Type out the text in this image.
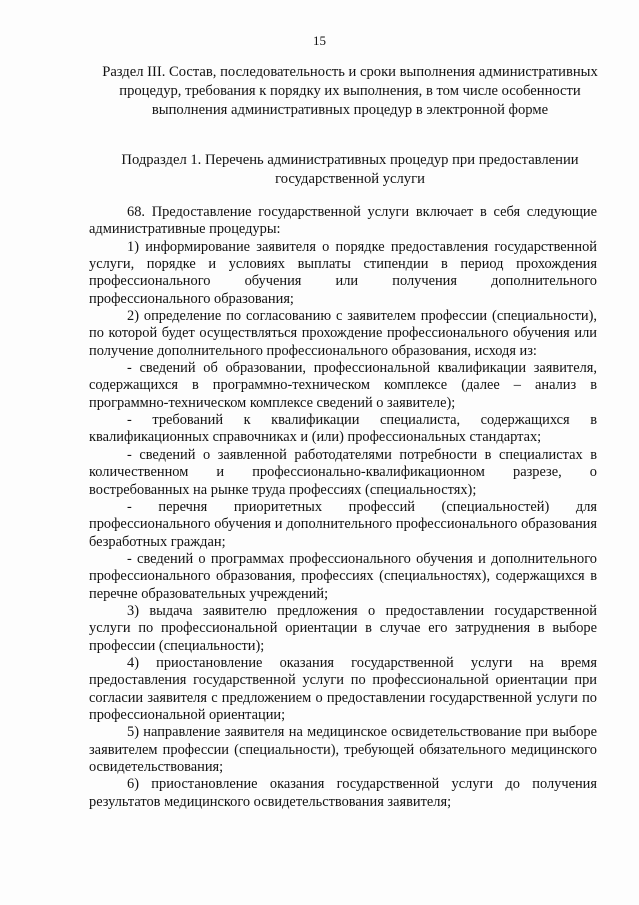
15
Раздел III. Состав, последовательность и сроки выполнения административных процедур, требования к порядку их выполнения, в том числе особенности выполнения административных процедур в электронной форме
Подраздел 1. Перечень административных процедур при предоставлении государственной услуги

68. Предоставление государственной услуги включает в себя следующие административные процедуры:

1) информирование заявителя о порядке предоставления государственной услуги, порядке и условиях выплаты стипендии в период прохождения профессионального обучения или получения дополнительного профессионального образования;

2) определение по согласованию с заявителем профессии (специальности), по которой будет осуществляться прохождение профессионального обучения или получение дополнительного профессионального образования, исходя из:

- сведений об образовании, профессиональной квалификации заявителя, содержащихся в программно-техническом комплексе (далее – анализ в программно-техническом комплексе сведений о заявителе);

- требований к квалификации специалиста, содержащихся в квалификационных справочниках и (или) профессиональных стандартах;

- сведений о заявленной работодателями потребности в специалистах в количественном и профессионально-квалификационном разрезе, о востребованных на рынке труда профессиях (специальностях);

- перечня приоритетных профессий (специальностей) для профессионального обучения и дополнительного профессионального образования безработных граждан;

- сведений о программах профессионального обучения и дополнительного профессионального образования, профессиях (специальностях), содержащихся в перечне образовательных учреждений;

3) выдача заявителю предложения о предоставлении государственной услуги по профессиональной ориентации в случае его затруднения в выборе профессии (специальности);

4) приостановление оказания государственной услуги на время предоставления государственной услуги по профессиональной ориентации при согласии заявителя с предложением о предоставлении государственной услуги по профессиональной ориентации;

5) направление заявителя на медицинское освидетельствование при выборе заявителем профессии (специальности), требующей обязательного медицинского освидетельствования;

6) приостановление оказания государственной услуги до получения результатов медицинского освидетельствования заявителя;
